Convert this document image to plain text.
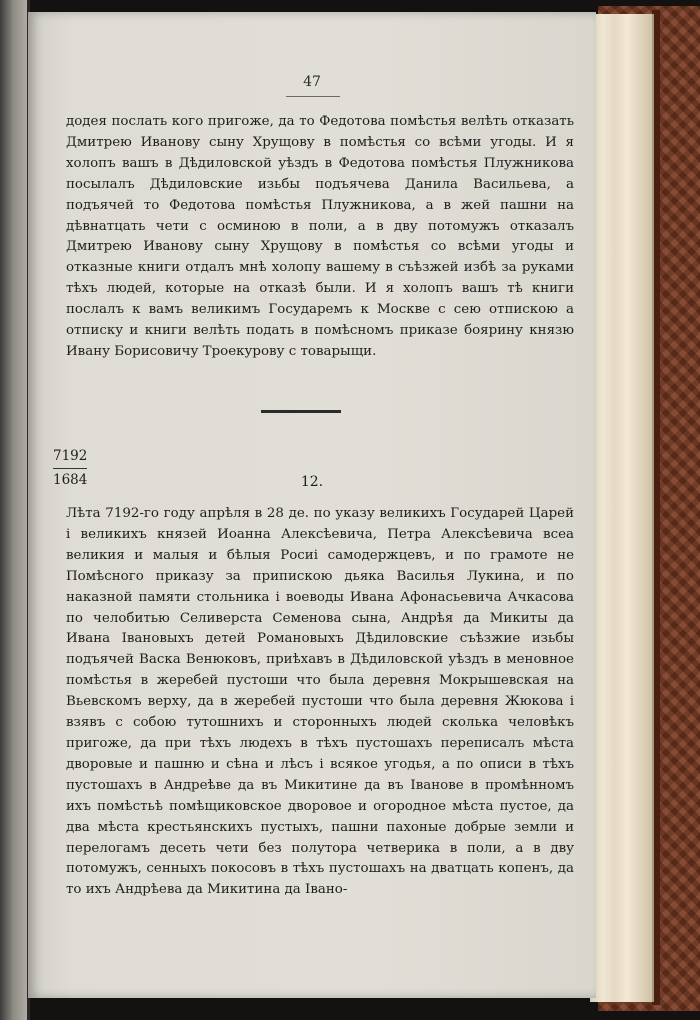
47

додея послать кого пригоже, да то Федотова помѣстья велѣть отказать Дмитрею Иванову сыну Хрущову в помѣстья со всѣми угоды. И я холопъ вашъ в Дѣдиловской уѣздъ в Федотова помѣстья Плужникова посылалъ Дѣдиловские изьбы подъячева Данила Васильева, а подъячей то Федотова помѣстья Плужникова, а в жей пашни на дѣвнатцать чети с осминою в поли, а в дву потомужъ отказалъ Дмитрею Иванову сыну Хрущову в помѣстья со всѣми угоды и отказные книги отдалъ мнѣ холопу вашему в съѣзжей избѣ за руками тѣхъ людей, которые на отказѣ были. И я холопъ вашъ тѣ книги послалъ к вамъ великимъ Государемъ к Москве с сею отпискою а отписку и книги велѣть подать в помѣсномъ приказе боярину князю Ивану Борисовичу Троекурову с товарыщи.

7192
1684	12.

Лѣта 7192-го году апрѣля в 28 де. по указу великихъ Государей Царей і великихъ князей Иоанна Алексѣевича, Петра Алексѣевича всеа великия и малыя и бѣлыя Росиі самодержцевъ, и по грамоте не Помѣсного приказу за припискою дьяка Василья Лукина, и по наказной памяти стольника і воеводы Ивана Афонасьевича Ачкасова по челобитью Селиверста Семенова сына, Андрѣя да Микиты да Ивана Івановыхъ детей Романовыхъ Дѣдиловские съѣзжие изьбы подъячей Васка Венюковъ, приѣхавъ в Дѣдиловской уѣздъ в меновное помѣстья в жеребей пустоши что была деревня Мокрышевская на Вьевскомъ верху, да в жеребей пустоши что была деревня Жюкова і взявъ с собою тутошнихъ и сторонныхъ людей сколька человѣкъ пригоже, да при тѣхъ людехъ в тѣхъ пустошахъ переписалъ мѣста дворовые и пашню и сѣна и лѣсъ і всякое угодья, а по описи в тѣхъ пустошахъ в Андреѣве да въ Микитине да въ Івановe в промѣнномъ ихъ помѣстьѣ помѣщиковское дворовое и огородное мѣста пустое, да два мѣста крестьянскихъ пустыхъ, пашни пахоные добрые земли и перелогамъ десеть чети без полутора четверика в поли, а в дву потомужъ, сенныхъ покосовъ в тѣхъ пустошахъ на дватцать копенъ, да то ихъ Андрѣева да Микитина да Івано-
